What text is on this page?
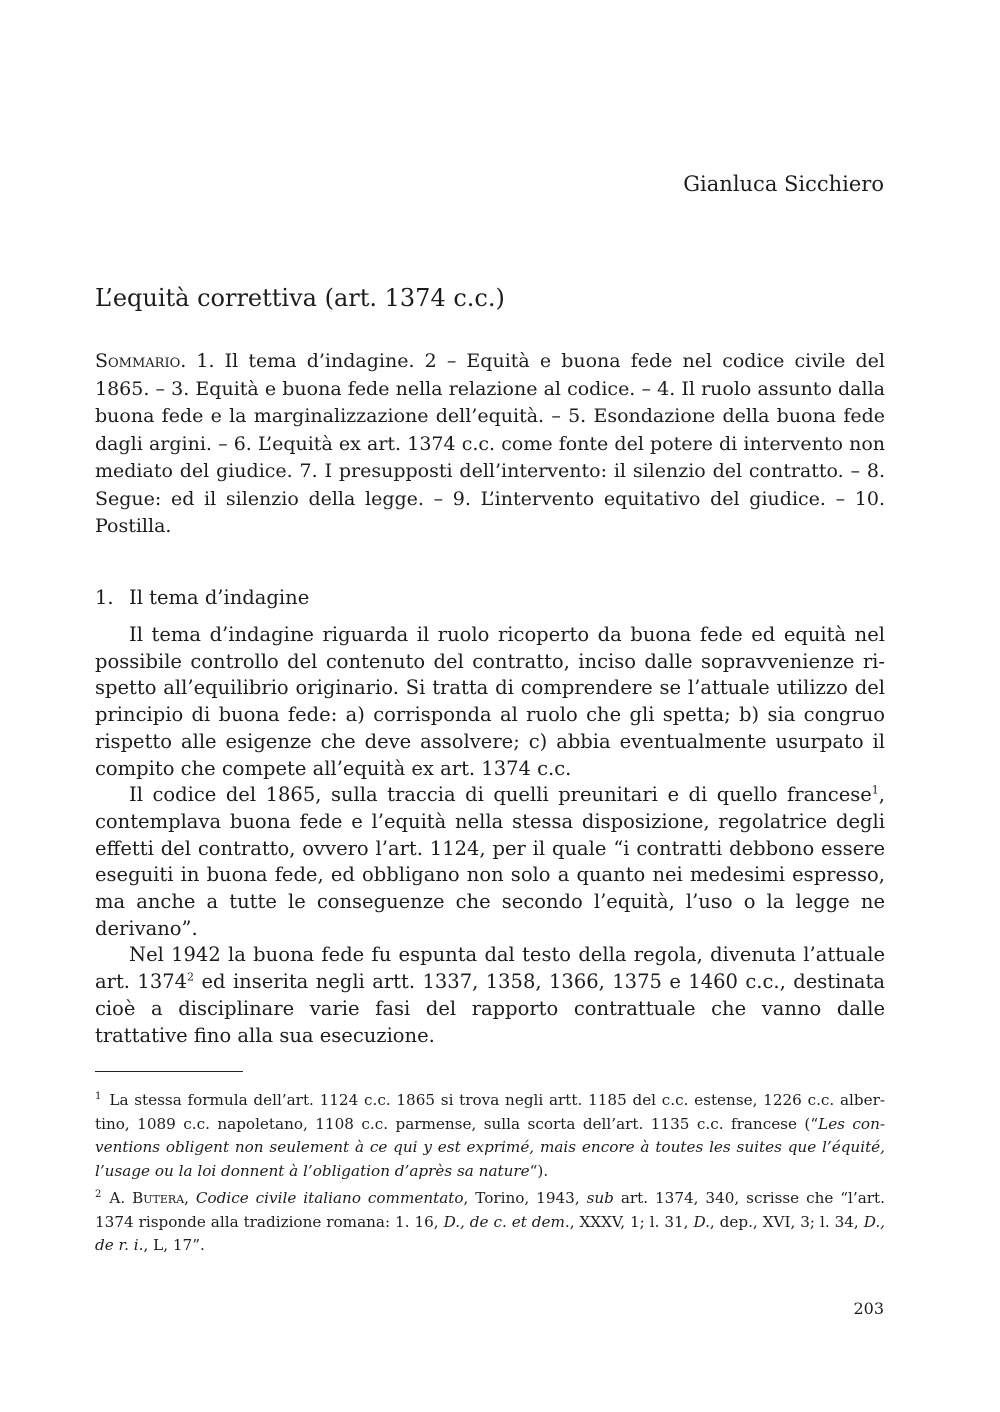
Gianluca Sicchiero
L’equità correttiva (art. 1374 c.c.)
Sommario. 1. Il tema d’indagine. 2 – Equità e buona fede nel codice civile del 1865. – 3. Equità e buona fede nella relazione al codice. – 4. Il ruolo assunto dalla buona fede e la marginalizzazione dell’equità. – 5. Esondazione della buona fede dagli argini. – 6. L’equità ex art. 1374 c.c. come fonte del potere di intervento non mediato del giudice. 7. I presupposti dell’intervento: il silenzio del contratto. – 8. Segue: ed il silenzio della legge. – 9. L’intervento equitativo del giudice. – 10. Postilla.
1. Il tema d’indagine

Il tema d’indagine riguarda il ruolo ricoperto da buona fede ed equità nel possibile controllo del contenuto del contratto, inciso dalle sopravvenienze rispetto all’equilibrio originario. Si tratta di comprendere se l’attuale utilizzo del principio di buona fede: a) corrisponda al ruolo che gli spetta; b) sia congruo rispetto alle esigenze che deve assolvere; c) abbia eventualmente usurpato il compito che compete all’equità ex art. 1374 c.c.

Il codice del 1865, sulla traccia di quelli preunitari e di quello francese$^1$, contemplava buona fede e l’equità nella stessa disposizione, regolatrice degli effetti del contratto, ovvero l’art. 1124, per il quale “i contratti debbono essere eseguiti in buona fede, ed obbligano non solo a quanto nei medesimi espresso, ma anche a tutte le conseguenze che secondo l’equità, l’uso o la legge ne derivano”.

Nel 1942 la buona fede fu espunta dal testo della regola, divenuta l’attuale art. 1374$^2$ ed inserita negli artt. 1337, 1358, 1366, 1375 e 1460 c.c., destinata cioè a disciplinare varie fasi del rapporto contrattuale che vanno dalle trattative fino alla sua esecuzione.

$^1$ La stessa formula dell’art. 1124 c.c. 1865 si trova negli artt. 1185 del c.c. estense, 1226 c.c. albertino, 1089 c.c. napoletano, 1108 c.c. parmense, sulla scorta dell’art. 1135 c.c. francese (“Les conventions obligent non seulement à ce qui y est exprimé, mais encore à toutes les suites que l’équité, l’usage ou la loi donnent à l’obligation d’après sa nature“).

$^2$ A. Butera, Codice civile italiano commentato, Torino, 1943, sub art. 1374, 340, scrisse che “l’art. 1374 risponde alla tradizione romana: 1. 16, D., de c. et dem., XXXV, 1; l. 31, D., dep., XVI, 3; l. 34, D., de r. i., L, 17”.

203
